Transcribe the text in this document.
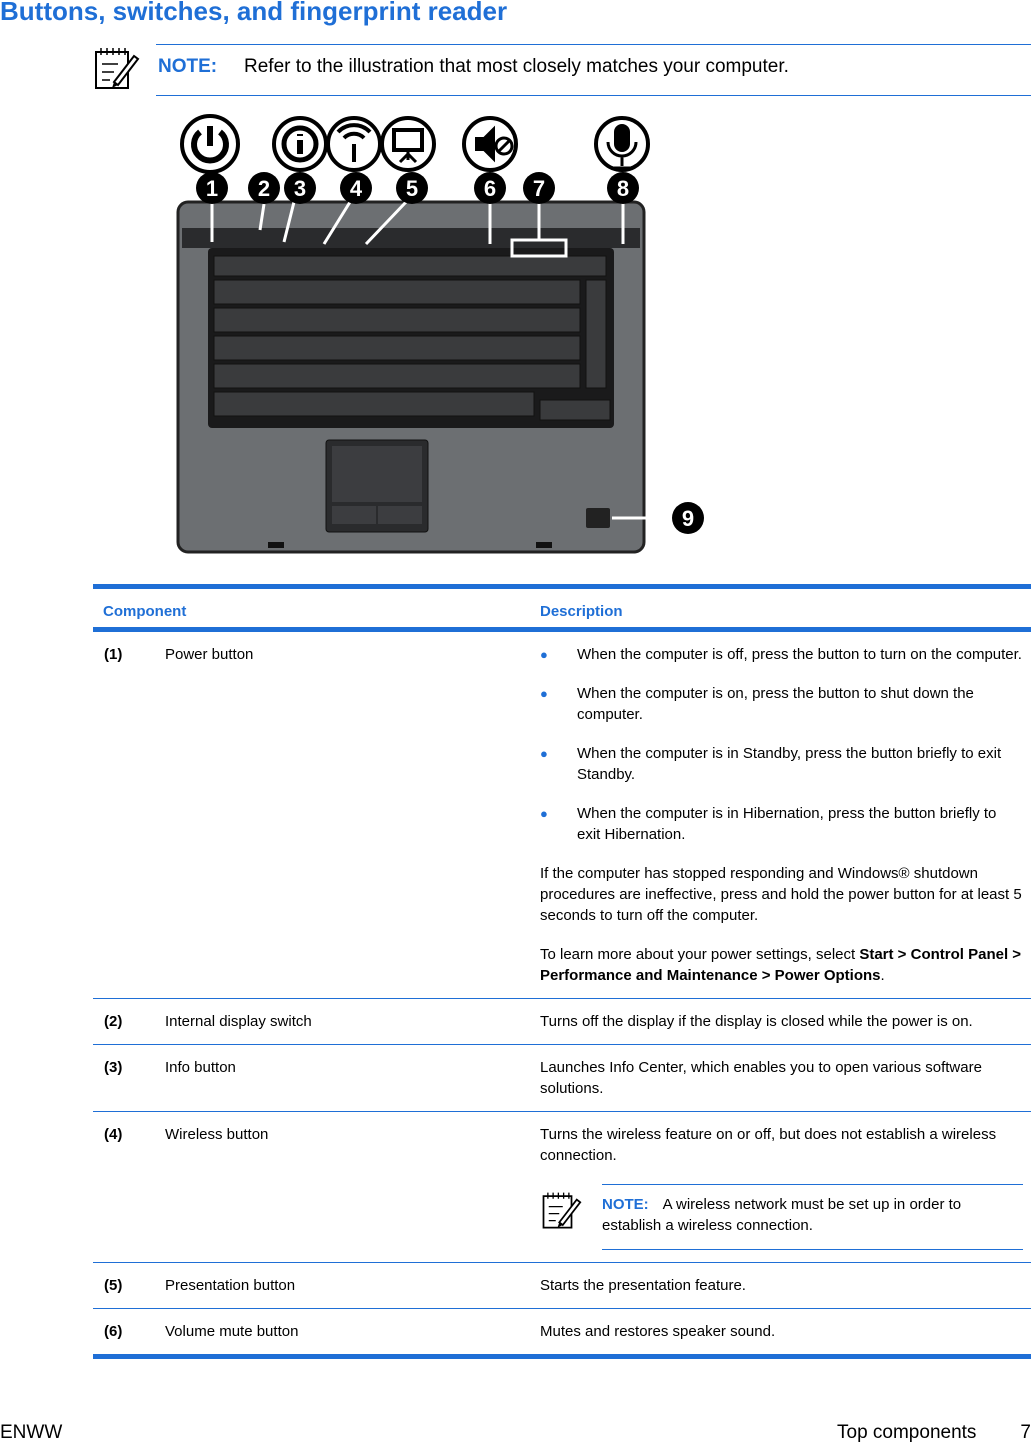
Buttons, switches, and fingerprint reader
NOTE: Refer to the illustration that most closely matches your computer.
1 2 3 4 5	6 7	8
9
Component	Description
(1)	Power button	● When the computer is off, press the button to turn on the computer.

● When the computer is on, press the button to shut down the computer.

● When the computer is in Standby, press the button briefly to exit Standby.

● When the computer is in Hibernation, press the button briefly to exit Hibernation.

If the computer has stopped responding and Windows® shutdown procedures are ineffective, press and hold the power button for at least 5 seconds to turn off the computer.

To learn more about your power settings, select Start > Control Panel > Performance and Maintenance > Power Options.

(2)	Internal display switch	Turns off the display if the display is closed while the power is on.

(3)	Info button	Launches Info Center, which enables you to open various software solutions.

(4)	Wireless button	Turns the wireless feature on or off, but does not establish a wireless connection.

NOTE: A wireless network must be set up in order to establish a wireless connection.
(5)	Presentation button	Starts the presentation feature.

(6)	Volume mute button	Mutes and restores speaker sound.

ENWW	Top components 7
